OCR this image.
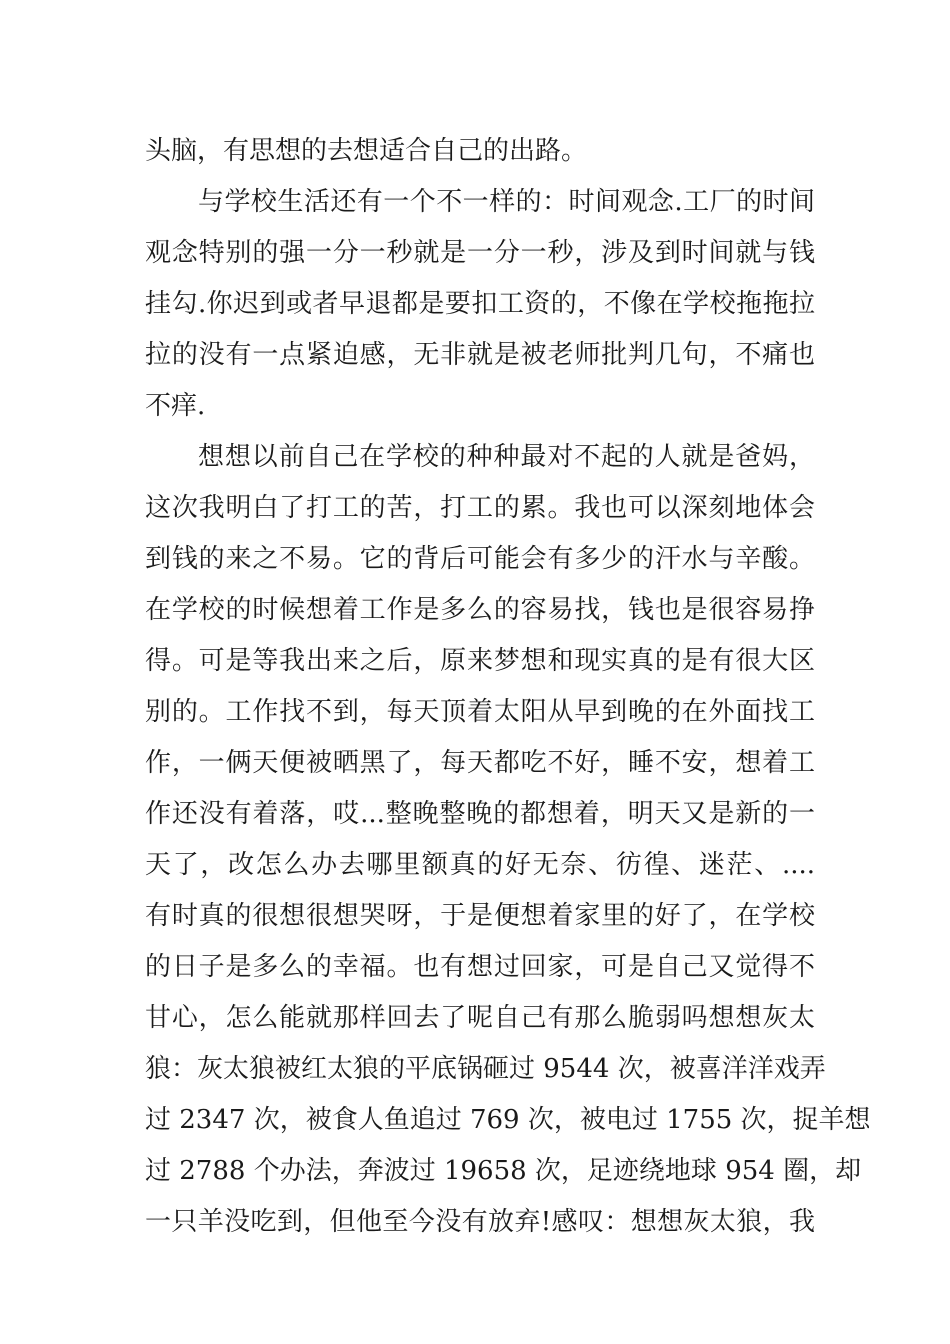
头脑，有思想的去想适合自己的出路。
与学校生活还有一个不一样的：时间观念.工厂的时间
观念特别的强一分一秒就是一分一秒，涉及到时间就与钱
挂勾.你迟到或者早退都是要扣工资的，不像在学校拖拖拉
拉的没有一点紧迫感，无非就是被老师批判几句，不痛也
不痒.
想想以前自己在学校的种种最对不起的人就是爸妈，
这次我明白了打工的苦，打工的累。我也可以深刻地体会
到钱的来之不易。它的背后可能会有多少的汗水与辛酸。
在学校的时候想着工作是多么的容易找，钱也是很容易挣
得。可是等我出来之后，原来梦想和现实真的是有很大区
别的。工作找不到，每天顶着太阳从早到晚的在外面找工
作，一俩天便被晒黑了，每天都吃不好，睡不安，想着工
作还没有着落，哎...整晚整晚的都想着，明天又是新的一
天了，改怎么办去哪里额真的好无奈、彷徨、迷茫、....
有时真的很想很想哭呀，于是便想着家里的好了，在学校
的日子是多么的幸福。也有想过回家，可是自己又觉得不
甘心，怎么能就那样回去了呢自己有那么脆弱吗想想灰太
狼：灰太狼被红太狼的平底锅砸过 9544 次，被喜洋洋戏弄
过 2347 次，被食人鱼追过 769 次，被电过 1755 次，捉羊想
过 2788 个办法，奔波过 19658 次，足迹绕地球 954 圈，却
一只羊没吃到，但他至今没有放弃!感叹：想想灰太狼，我
